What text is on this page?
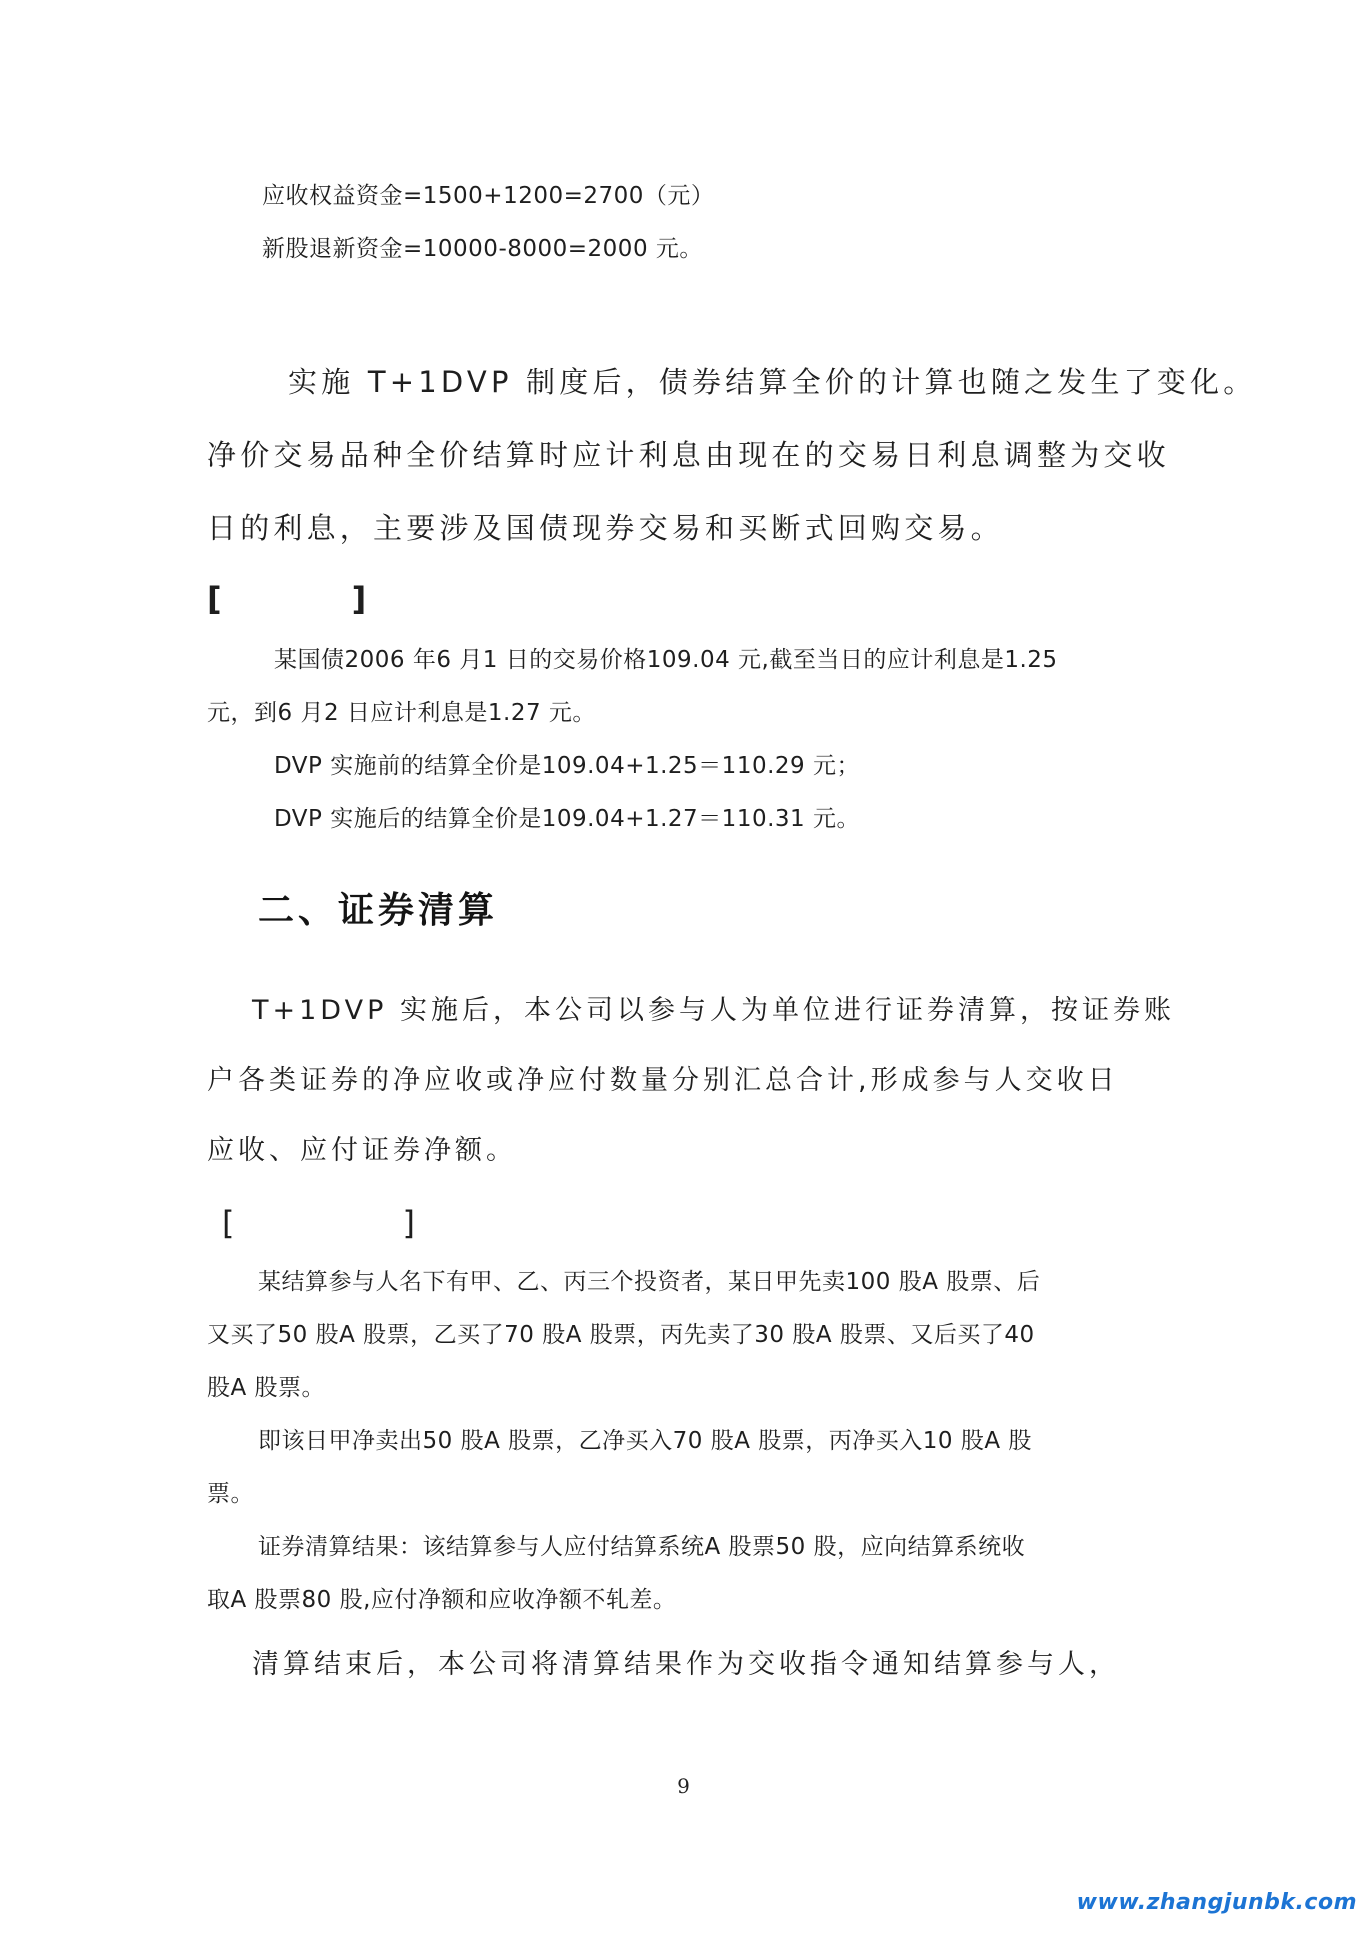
应收权益资金=1500+1200=2700（元）
新股退新资金=10000-8000=2000 元。
实施 T+1DVP 制度后，债券结算全价的计算也随之发生了变化。
净价交易品种全价结算时应计利息由现在的交易日利息调整为交收
日的利息，主要涉及国债现券交易和买断式回购交易。
[　　]
某国债2006 年6 月1 日的交易价格109.04 元,截至当日的应计利息是1.25
元，到6 月2 日应计利息是1.27 元。
DVP 实施前的结算全价是109.04+1.25＝110.29 元；
DVP 实施后的结算全价是109.04+1.27＝110.31 元。
二、证券清算
T+1DVP 实施后，本公司以参与人为单位进行证券清算，按证券账
户各类证券的净应收或净应付数量分别汇总合计,形成参与人交收日
应收、应付证券净额。
[　　　]
某结算参与人名下有甲、乙、丙三个投资者，某日甲先卖100 股A 股票、后
又买了50 股A 股票，乙买了70 股A 股票，丙先卖了30 股A 股票、又后买了40
股A 股票。
即该日甲净卖出50 股A 股票，乙净买入70 股A 股票，丙净买入10 股A 股
票。
证券清算结果：该结算参与人应付结算系统A 股票50 股，应向结算系统收
取A 股票80 股,应付净额和应收净额不轧差。
清算结束后，本公司将清算结果作为交收指令通知结算参与人，
9
www.zhangjunbk.com
